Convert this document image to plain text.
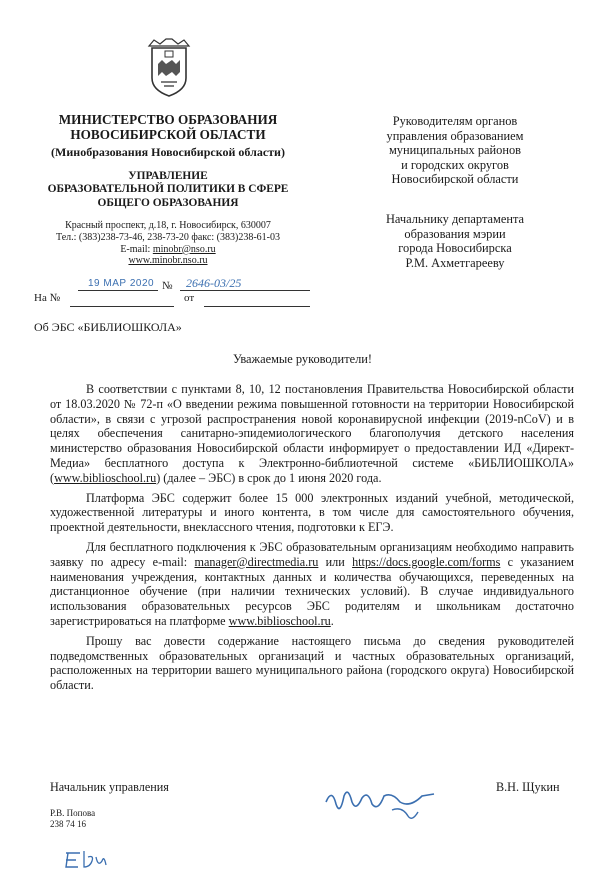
МИНИСТЕРСТВО ОБРАЗОВАНИЯ
НОВОСИБИРСКОЙ ОБЛАСТИ
(Минобразования Новосибирской области)
УПРАВЛЕНИЕ
ОБРАЗОВАТЕЛЬНОЙ ПОЛИТИКИ В СФЕРЕ
ОБЩЕГО ОБРАЗОВАНИЯ
Красный проспект, д.18, г. Новосибирск, 630007
Тел.: (383)238-73-46, 238-73-20 факс: (383)238-61-03
E-mail: minobr@nso.ru
www.minobr.nso.ru
19 МАР 2020 № 2646-03/25
На №	от
Руководителям органов
управления образованием
муниципальных районов
и городских округов
Новосибирской области
Начальнику департамента
образования мэрии
города Новосибирска
Р.М. Ахметгарееву
Об ЭБС «БИБЛИОШКОЛА»
Уважаемые руководители!

В соответствии с пунктами 8, 10, 12 постановления Правительства Новосибирской области от 18.03.2020 № 72-п «О введении режима повышенной готовности на территории Новосибирской области», в связи с угрозой распространения новой коронавирусной инфекции (2019-nCoV) и в целях обеспечения санитарно-эпидемиологического благополучия детского населения министерство образования Новосибирской области информирует о предоставлении ИД «Директ-Медиа» бесплатного доступа к Электронно-библиотечной системе «БИБЛИОШКОЛА» (www.biblioschool.ru) (далее – ЭБС) в срок до 1 июня 2020 года.

Платформа ЭБС содержит более 15 000 электронных изданий учебной, методической, художественной литературы и иного контента, в том числе для самостоятельного обучения, проектной деятельности, внеклассного чтения, подготовки к ЕГЭ.

Для бесплатного подключения к ЭБС образовательным организациям необходимо направить заявку по адресу e-mail: manager@directmedia.ru или https://docs.google.com/forms с указанием наименования учреждения, контактных данных и количества обучающихся, переведенных на дистанционное обучение (при наличии технических условий). В случае индивидуального использования образовательных ресурсов ЭБС родителям и школьникам достаточно зарегистрироваться на платформе www.biblioschool.ru.

Прошу вас довести содержание настоящего письма до сведения руководителей подведомственных образовательных организаций и частных образовательных организаций, расположенных на территории вашего муниципального района (городского округа) Новосибирской области.

Начальник управления	В.Н. Щукин
Р.В. Попова
238 74 16
